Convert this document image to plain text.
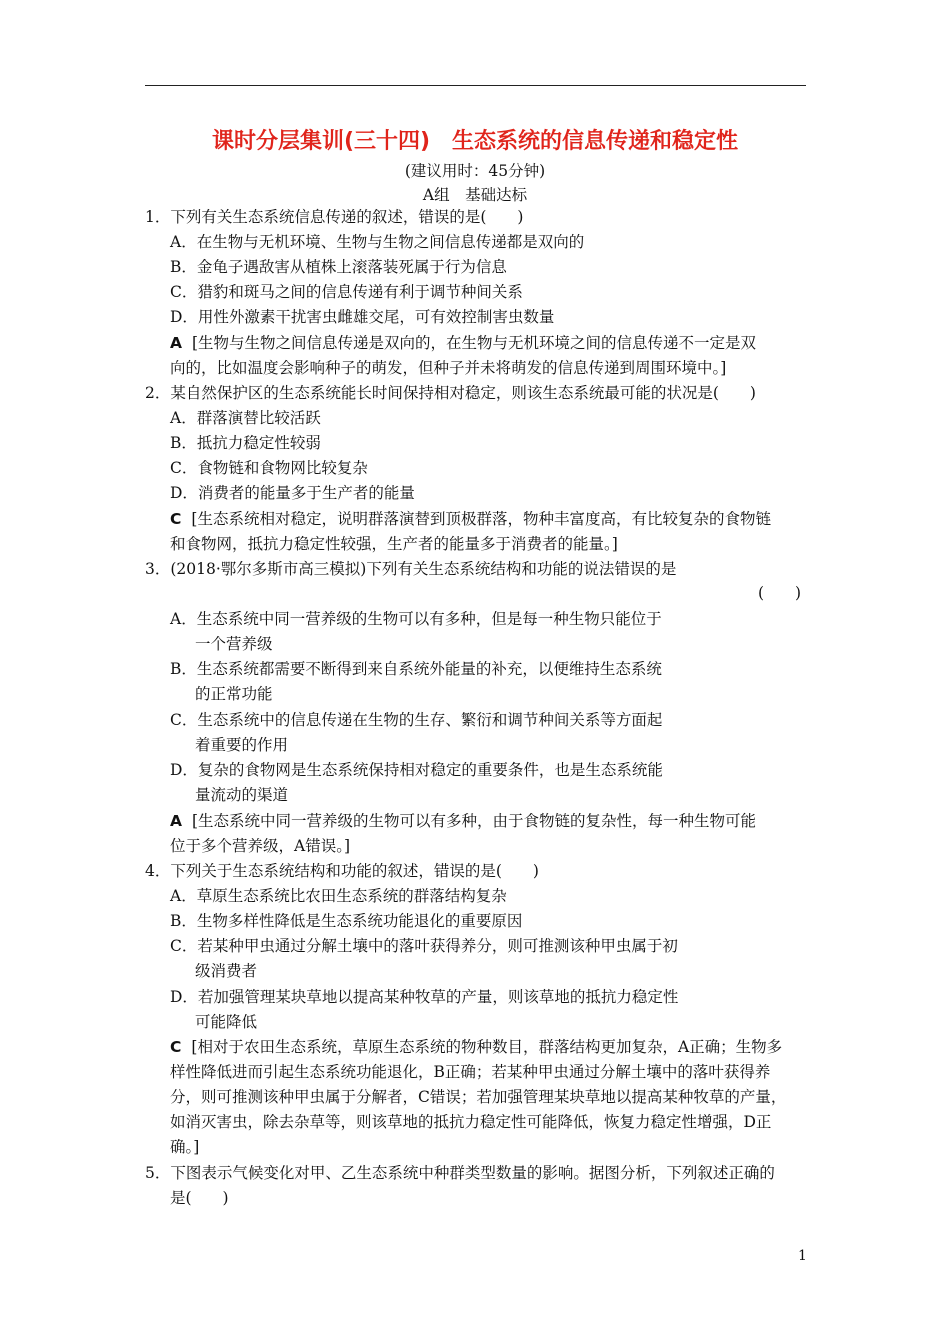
课时分层集训(三十四)　生态系统的信息传递和稳定性
(建议用时：45分钟)
A组　基础达标
1．下列有关生态系统信息传递的叙述，错误的是(　　)
A．在生物与无机环境、生物与生物之间信息传递都是双向的
B．金龟子遇敌害从植株上滚落装死属于行为信息
C．猎豹和斑马之间的信息传递有利于调节种间关系
D．用性外激素干扰害虫雌雄交尾，可有效控制害虫数量
A [生物与生物之间信息传递是双向的，在生物与无机环境之间的信息传递不一定是双
向的，比如温度会影响种子的萌发，但种子并未将萌发的信息传递到周围环境中。]
2．某自然保护区的生态系统能长时间保持相对稳定，则该生态系统最可能的状况是(　　)
A．群落演替比较活跃
B．抵抗力稳定性较弱
C．食物链和食物网比较复杂
D．消费者的能量多于生产者的能量
C [生态系统相对稳定，说明群落演替到顶极群落，物种丰富度高，有比较复杂的食物链
和食物网，抵抗力稳定性较强，生产者的能量多于消费者的能量。]
3．(2018·鄂尔多斯市高三模拟)下列有关生态系统结构和功能的说法错误的是
(　　)
A．生态系统中同一营养级的生物可以有多种，但是每一种生物只能位于
一个营养级
B．生态系统都需要不断得到来自系统外能量的补充，以便维持生态系统
的正常功能
C．生态系统中的信息传递在生物的生存、繁衍和调节种间关系等方面起
着重要的作用
D．复杂的食物网是生态系统保持相对稳定的重要条件，也是生态系统能
量流动的渠道
A [生态系统中同一营养级的生物可以有多种，由于食物链的复杂性，每一种生物可能
位于多个营养级，A错误。]
4．下列关于生态系统结构和功能的叙述，错误的是(　　)
A．草原生态系统比农田生态系统的群落结构复杂
B．生物多样性降低是生态系统功能退化的重要原因
C．若某种甲虫通过分解土壤中的落叶获得养分，则可推测该种甲虫属于初
级消费者
D．若加强管理某块草地以提高某种牧草的产量，则该草地的抵抗力稳定性
可能降低
C [相对于农田生态系统，草原生态系统的物种数目，群落结构更加复杂，A正确；生物多
样性降低进而引起生态系统功能退化，B正确；若某种甲虫通过分解土壤中的落叶获得养
分，则可推测该种甲虫属于分解者，C错误；若加强管理某块草地以提高某种牧草的产量，
如消灭害虫，除去杂草等，则该草地的抵抗力稳定性可能降低，恢复力稳定性增强，D正
确。]
5．下图表示气候变化对甲、乙生态系统中种群类型数量的影响。据图分析，下列叙述正确的
是(　　)
1
